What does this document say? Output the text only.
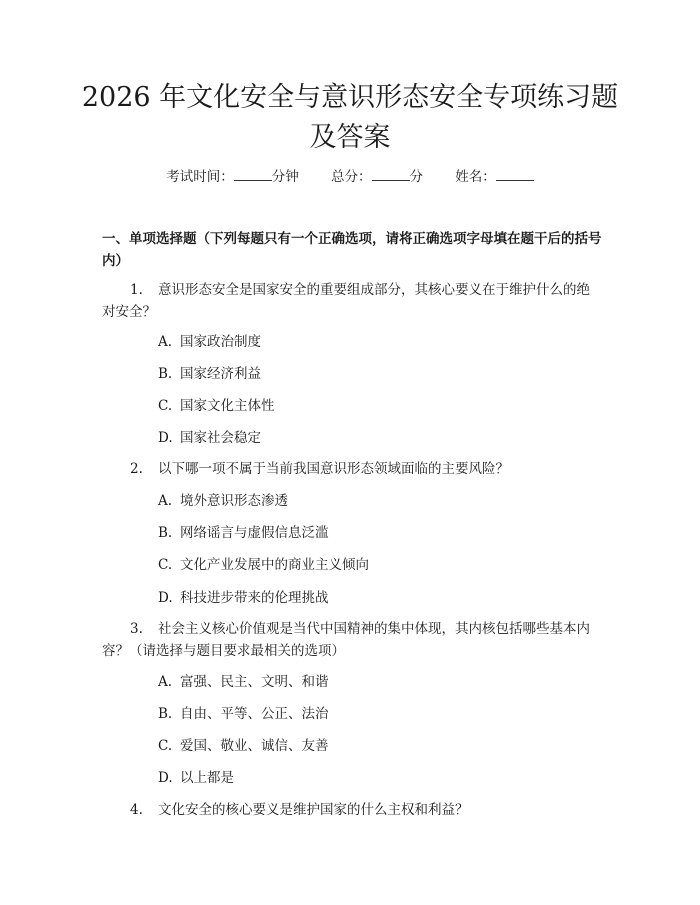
2026 年文化安全与意识形态安全专项练习题
及答案
考试时间：	分钟 总分：	分 姓名：
一、单项选择题（下列每题只有一个正确选项，请将正确选项字母填在题干后的括号内）
1. 意识形态安全是国家安全的重要组成部分，其核心要义在于维护什么的绝对安全？
A. 国家政治制度
B. 国家经济利益
C. 国家文化主体性
D. 国家社会稳定
2. 以下哪一项不属于当前我国意识形态领域面临的主要风险？
A. 境外意识形态渗透
B. 网络谣言与虚假信息泛滥
C. 文化产业发展中的商业主义倾向
D. 科技进步带来的伦理挑战
3. 社会主义核心价值观是当代中国精神的集中体现，其内核包括哪些基本内容？（请选择与题目要求最相关的选项）
A. 富强、民主、文明、和谐
B. 自由、平等、公正、法治
C. 爱国、敬业、诚信、友善
D. 以上都是
4. 文化安全的核心要义是维护国家的什么主权和利益？
